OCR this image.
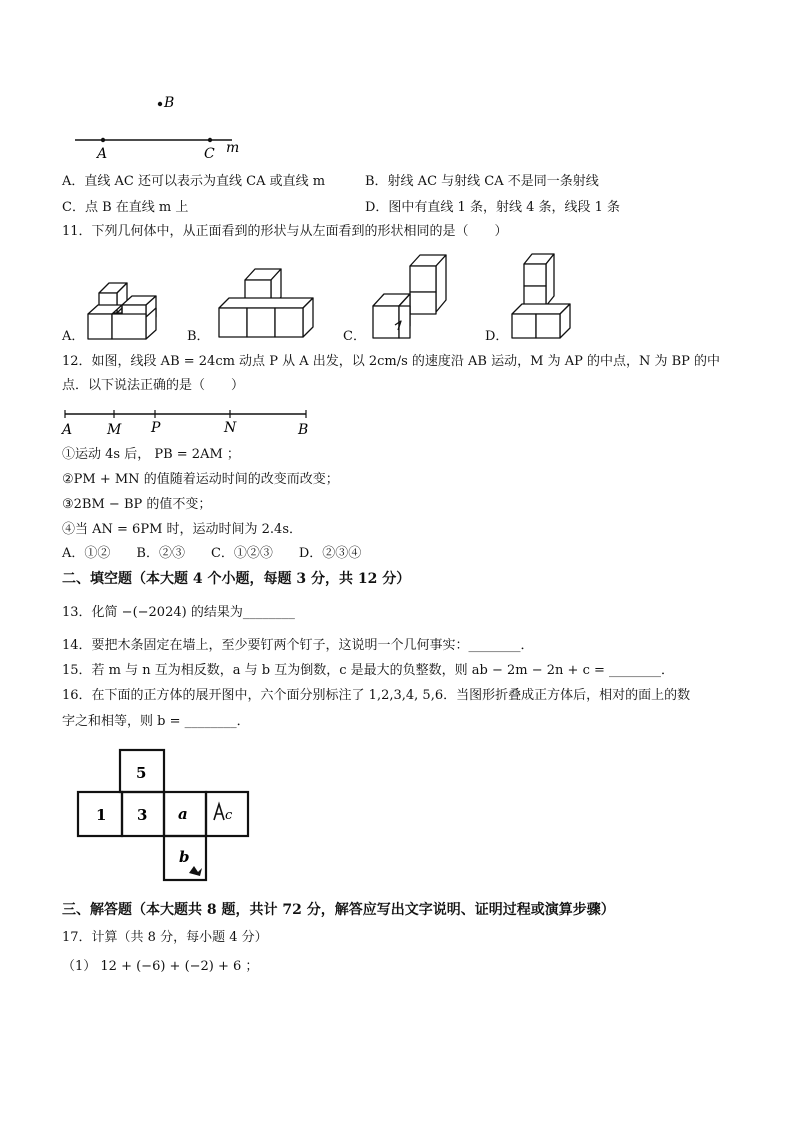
B
A	C m
A．直线 AC 还可以表示为直线 CA 或直线 m	B．射线 AC 与射线 CA 不是同一条射线
C．点 B 在直线 m 上	D．图中有直线 1 条，射线 4 条，线段 1 条
11．下列几何体中，从正面看到的形状与从左面看到的形状相同的是（　　）
A．	B．	C．	D．
12．如图，线段 AB = 24cm 动点 P 从 A 出发，以 2cm/s 的速度沿 AB 运动，M 为 AP 的中点，N 为 BP 的中
点．以下说法正确的是（　　）
A M P	N	B
①运动 4s 后， PB = 2AM ；
②PM + MN 的值随着运动时间的改变而改变；
③2BM − BP 的值不变；
④当 AN = 6PM 时，运动时间为 2.4s．
A．①②　　B．②③　　C．①②③　　D．②③④
二、填空题（本大题 4 个小题，每题 3 分，共 12 分）
13．化简 −(−2024) 的结果为________
14．要把木条固定在墙上，至少要钉两个钉子，这说明一个几何事实：________．
15．若 m 与 n 互为相反数，a 与 b 互为倒数，c 是最大的负整数，则 ab − 2m − 2n + c = ________．
16．在下面的正方体的展开图中，六个面分别标注了 1,2,3,4, 5,6．当图形折叠成正方体后，相对的面上的数
字之和相等，则 b = ________．
5
1 3 a	c
b
三、解答题（本大题共 8 题，共计 72 分，解答应写出文字说明、证明过程或演算步骤）
17．计算（共 8 分，每小题 4 分）
（1） 12 + (−6) + (−2) + 6 ；
